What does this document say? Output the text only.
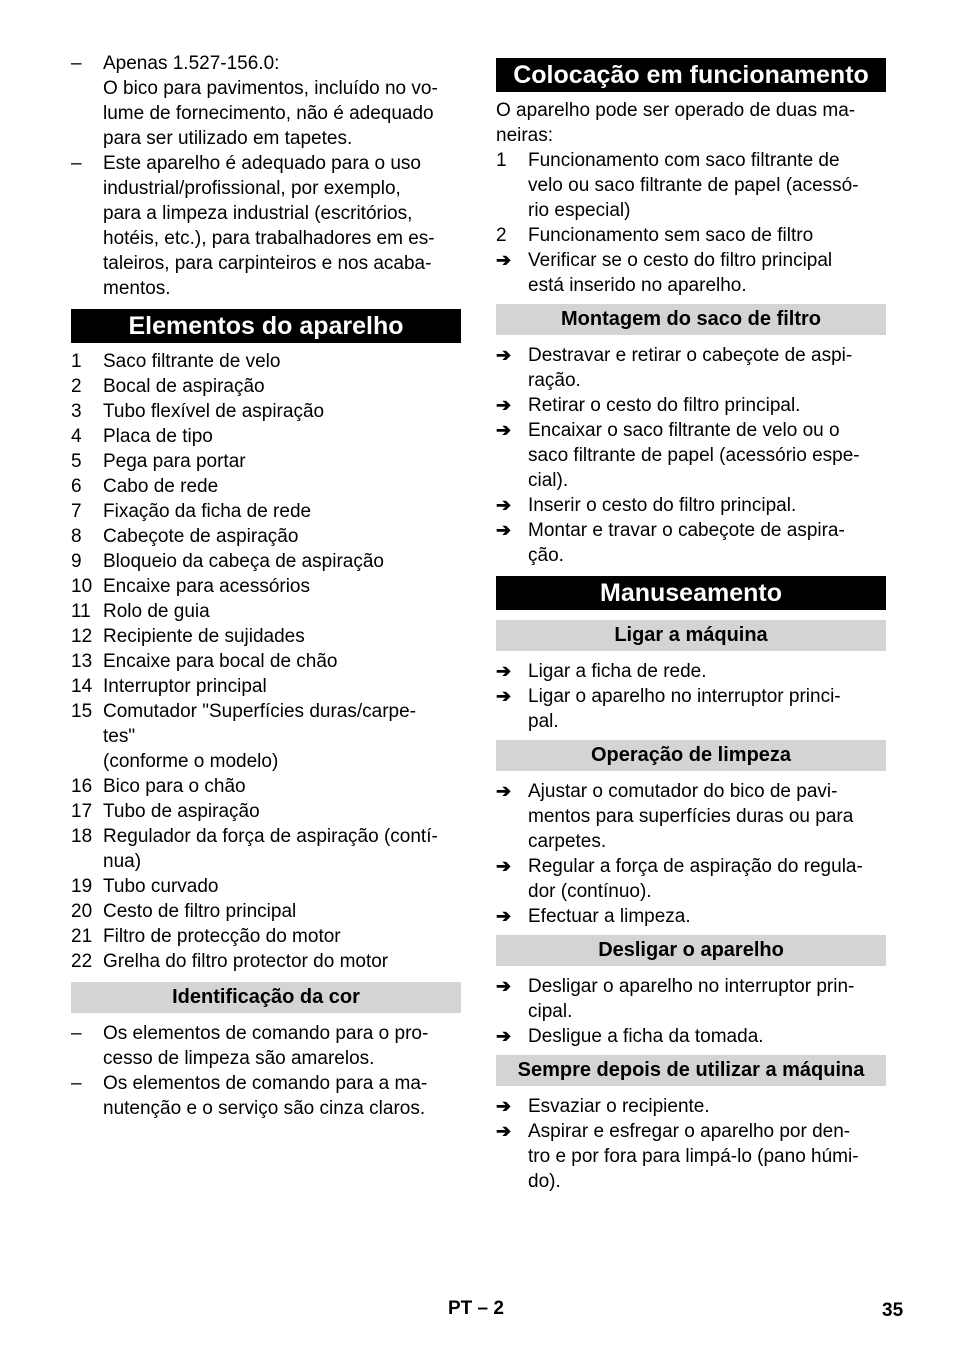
–	Apenas 1.527-156.0:
O bico para pavimentos, incluído no vo-
lume de fornecimento, não é adequado
para ser utilizado em tapetes.
–	Este aparelho é adequado para o uso
industrial/profissional, por exemplo,
para a limpeza industrial (escritórios,
hotéis, etc.), para trabalhadores em es-
taleiros, para carpinteiros e nos acaba-
mentos.
Elementos do aparelho
1	Saco filtrante de velo
2	Bocal de aspiração
3	Tubo flexível de aspiração
4	Placa de tipo
5	Pega para portar
6	Cabo de rede
7	Fixação da ficha de rede
8	Cabeçote de aspiração
9	Bloqueio da cabeça de aspiração
10 Encaixe para acessórios
11 Rolo de guia
12 Recipiente de sujidades
13 Encaixe para bocal de chão
14 Interruptor principal
15 Comutador "Superfícies duras/carpe-
tes"
(conforme o modelo)
16 Bico para o chão
17 Tubo de aspiração
18 Regulador da força de aspiração (contí-
nua)
19 Tubo curvado
20 Cesto de filtro principal
21 Filtro de protecção do motor
22 Grelha do filtro protector do motor
Identificação da cor
–	Os elementos de comando para o pro-
cesso de limpeza são amarelos.
–	Os elementos de comando para a ma-
nutenção e o serviço são cinza claros.
Colocação em funcionamento
O aparelho pode ser operado de duas ma-
neiras:
1	Funcionamento com saco filtrante de
velo ou saco filtrante de papel (acessó-
rio especial)
2	Funcionamento sem saco de filtro
➔ Verificar se o cesto do filtro principal
está inserido no aparelho.
Montagem do saco de filtro
➔ Destravar e retirar o cabeçote de aspi-
ração.
➔ Retirar o cesto do filtro principal.
➔ Encaixar o saco filtrante de velo ou o
saco filtrante de papel (acessório espe-
cial).
➔ Inserir o cesto do filtro principal.
➔ Montar e travar o cabeçote de aspira-
ção.
Manuseamento
Ligar a máquina
➔ Ligar a ficha de rede.
➔ Ligar o aparelho no interruptor princi-
pal.
Operação de limpeza
➔ Ajustar o comutador do bico de pavi-
mentos para superfícies duras ou para
carpetes.
➔ Regular a força de aspiração do regula-
dor (contínuo).
➔ Efectuar a limpeza.
Desligar o aparelho
➔ Desligar o aparelho no interruptor prin-
cipal.
➔ Desligue a ficha da tomada.
Sempre depois de utilizar a máquina
➔ Esvaziar o recipiente.
➔ Aspirar e esfregar o aparelho por den-
tro e por fora para limpá-lo (pano húmi-
do).
PT – 2	35
